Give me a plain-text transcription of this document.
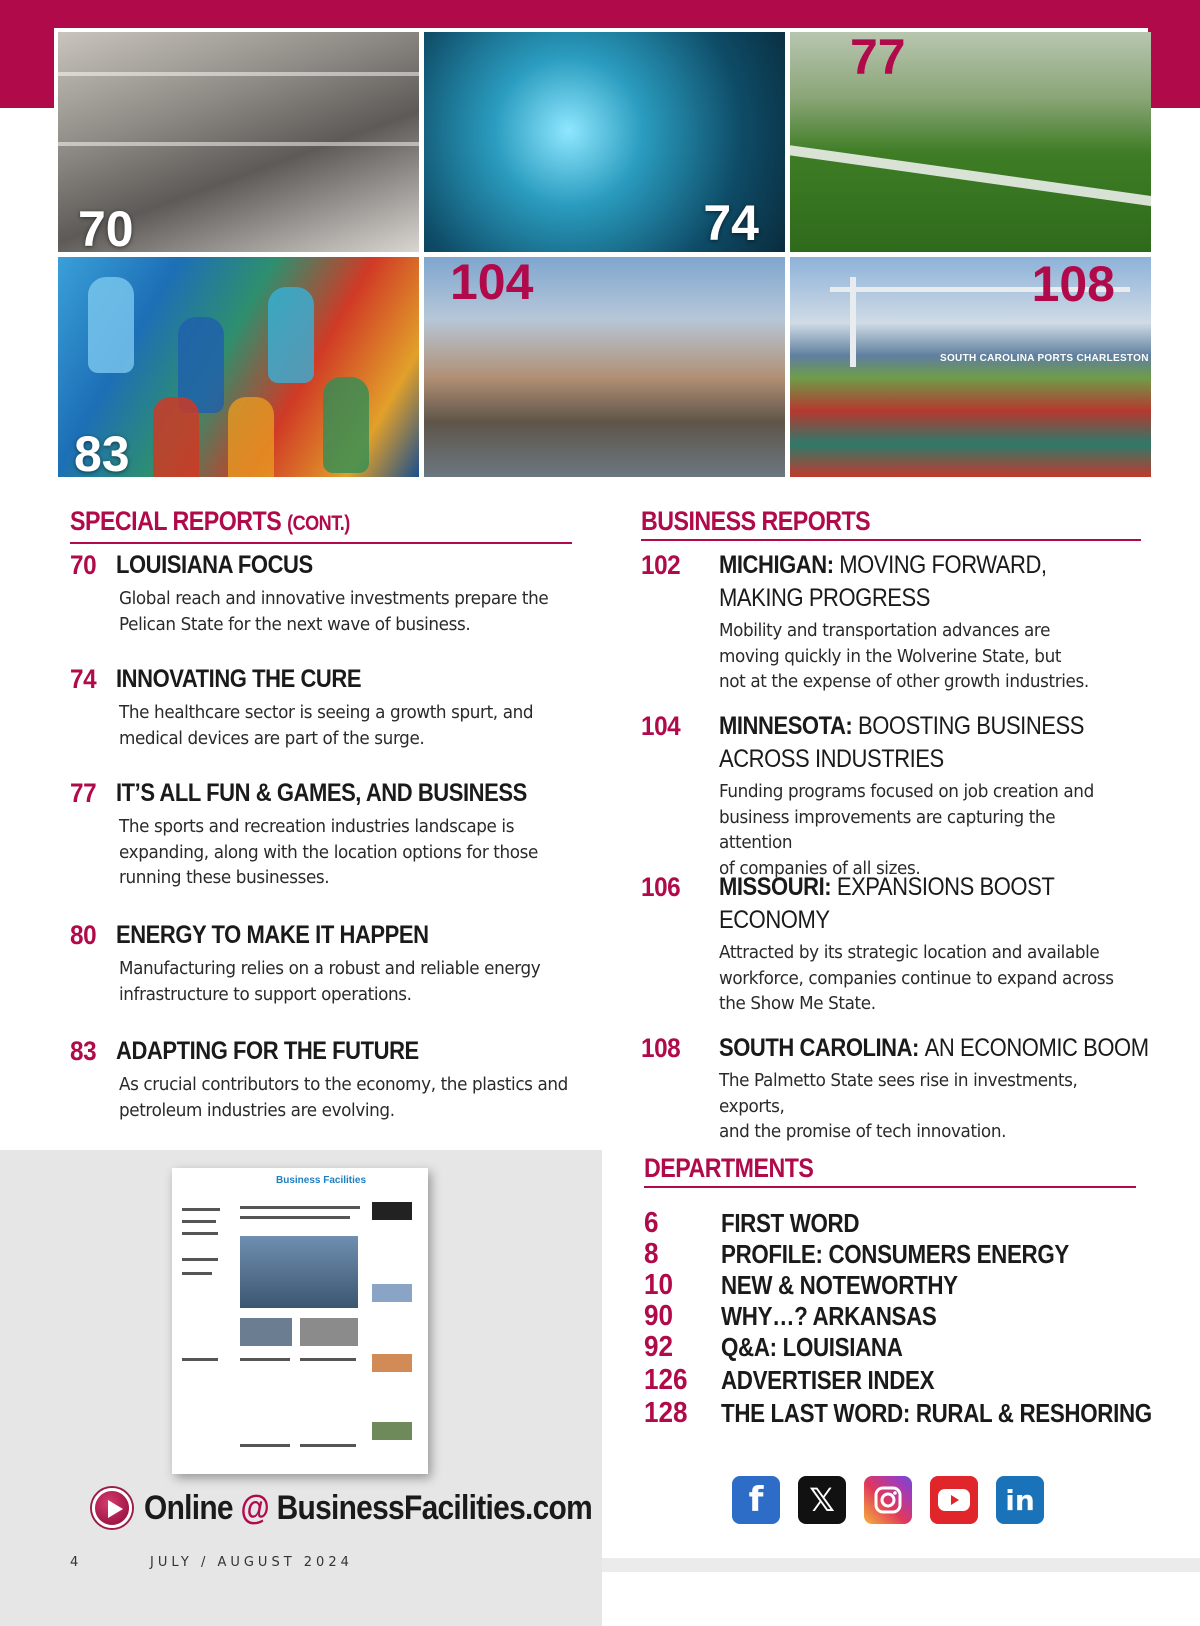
70	74
77
83
104
SOUTH CAROLINA PORTS CHARLESTON
108
SPECIAL REPORTS (CONT.)
70 LOUISIANA FOCUS
Global reach and innovative investments prepare the
Pelican State for the next wave of business.
74 INNOVATING THE CURE
The healthcare sector is seeing a growth spurt, and
medical devices are part of the surge.
77 IT’S ALL FUN & GAMES, AND BUSINESS
The sports and recreation industries landscape is
expanding, along with the location options for those
running these businesses.
80 ENERGY TO MAKE IT HAPPEN
Manufacturing relies on a robust and reliable energy
infrastructure to support operations.
83 ADAPTING FOR THE FUTURE
As crucial contributors to the economy, the plastics and
petroleum industries are evolving.
BUSINESS REPORTS
102 MICHIGAN: MOVING FORWARD,
MAKING PROGRESS
Mobility and transportation advances are
moving quickly in the Wolverine State, but
not at the expense of other growth industries.
104 MINNESOTA: BOOSTING BUSINESS
ACROSS INDUSTRIES
Funding programs focused on job creation and
business improvements are capturing the attention
of companies of all sizes.
106 MISSOURI: EXPANSIONS BOOST
ECONOMY
Attracted by its strategic location and available
workforce, companies continue to expand across
the Show Me State.
108 SOUTH CAROLINA: AN ECONOMIC BOOM
The Palmetto State sees rise in investments, exports,
and the promise of tech innovation.
Business Facilities
Online @ BusinessFacilities.com
4	JULY / AUGUST 2024
DEPARTMENTS
6 FIRST WORD
8 PROFILE: CONSUMERS ENERGY
10 NEW & NOTEWORTHY
90 WHY…? ARKANSAS
92 Q&A: LOUISIANA
126 ADVERTISER INDEX
128 THE LAST WORD: RURAL & RESHORING
f	𝕏	in
